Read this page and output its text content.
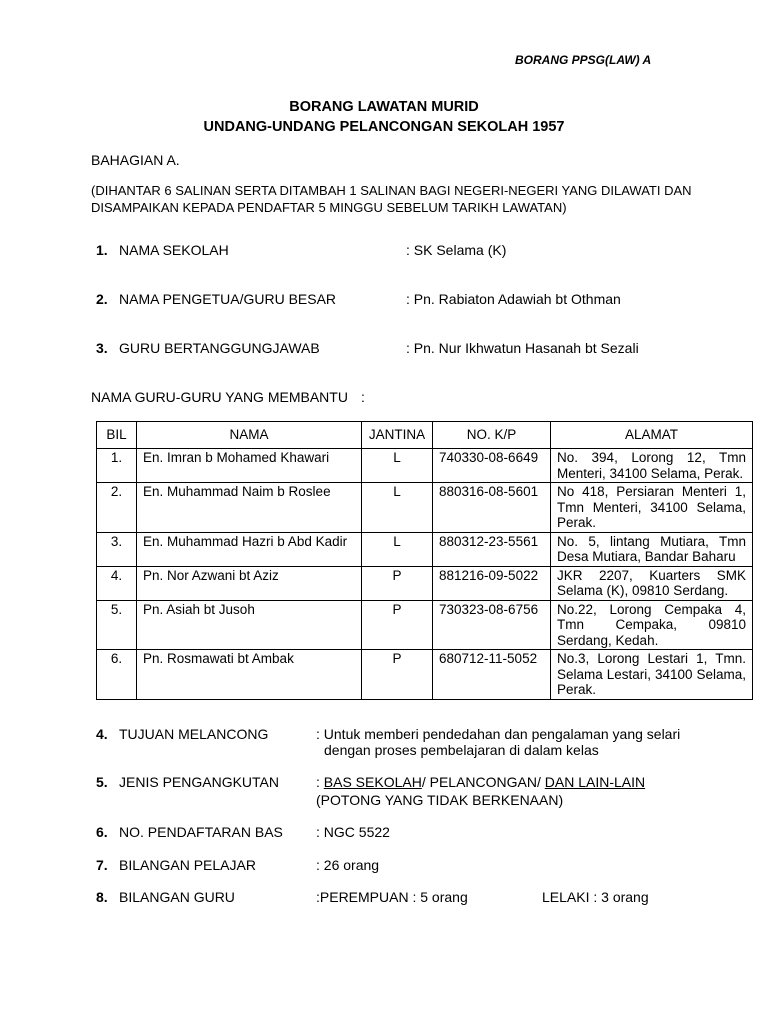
BORANG PPSG(LAW) A
BORANG LAWATAN MURID
UNDANG-UNDANG PELANCONGAN SEKOLAH 1957
BAHAGIAN A.
(DIHANTAR 6 SALINAN SERTA DITAMBAH 1 SALINAN BAGI NEGERI-NEGERI YANG DILAWATI DAN
DISAMPAIKAN KEPADA PENDAFTAR 5 MINGGU SEBELUM TARIKH LAWATAN)
1. NAMA SEKOLAH	: SK Selama (K)
2. NAMA PENGETUA/GURU BESAR	: Pn. Rabiaton Adawiah bt Othman
3. GURU BERTANGGUNGJAWAB	: Pn. Nur Ikhwatun Hasanah bt Sezali
NAMA GURU-GURU YANG MEMBANTU :
BIL	NAMA	JANTINA	NO. K/P	ALAMAT
1.	En. Imran b Mohamed Khawari	L	740330-08-6649	No. 394, Lorong 12, Tmn Menteri, 34100 Selama, Perak.
2.	En. Muhammad Naim b Roslee	L	880316-08-5601	No 418, Persiaran Menteri 1, Tmn Menteri, 34100 Selama, Perak.
3.	En. Muhammad Hazri b Abd Kadir	L	880312-23-5561	No. 5, lintang Mutiara, Tmn Desa Mutiara, Bandar Baharu
4.	Pn. Nor Azwani bt Aziz	P	881216-09-5022	JKR 2207, Kuarters SMK Selama (K), 09810 Serdang.
5.	Pn. Asiah bt Jusoh	P	730323-08-6756	No.22, Lorong Cempaka 4, Tmn Cempaka, 09810 Serdang, Kedah.
6.	Pn. Rosmawati bt Ambak	P	680712-11-5052	No.3, Lorong Lestari 1, Tmn. Selama Lestari, 34100 Selama, Perak.
4. TUJUAN MELANCONG	: Untuk memberi pendedahan dan pengalaman yang selari
dengan proses pembelajaran di dalam kelas
5. JENIS PENGANGKUTAN	: BAS SEKOLAH/ PELANCONGAN/ DAN LAIN-LAIN
(POTONG YANG TIDAK BERKENAAN)
6. NO. PENDAFTARAN BAS : NGC 5522
7. BILANGAN PELAJAR	: 26 orang
8. BILANGAN GURU	:PEREMPUAN : 5 orang	LELAKI : 3 orang
